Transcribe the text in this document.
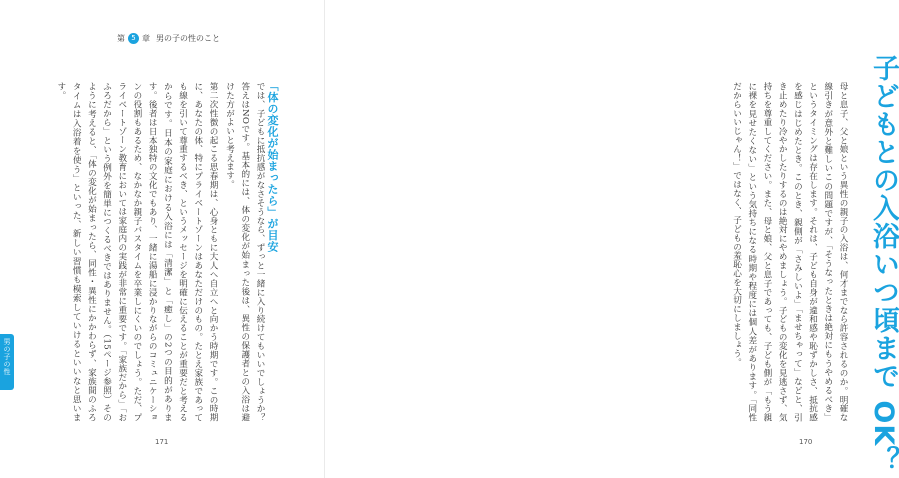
第 5 章 男の子の性のこと
では、子どもに抵抗感がなさそうなら、ずっと一緒に入り続けてもいいでしょうか？答えはNOです。基本的には、体の変化が始まった後は、異性の保護者との入浴は避けた方がよいと考えます。	「体の変化が始まったら」が目安
第二次性徴の起こる思春期は、心身ともに大人へ自立へと向かう時期です。この時期に、あなたの体、特にプライベートゾーンはあなただけのもの。たとえ家族であっても線を引いて尊重するべき、というメッセージを明確に伝えることが重要だと考えるからです。日本の家庭における入浴には「清潔」と「癒し」の2つの目的があります。後者は日本独特の文化でもあり、一緒に湯船に浸かりながらのコミュニケーションの役割もあるため、なかなか親子バスタイムを卒業しにくいのでしょう。ただ、プライベートゾーン教育においては家庭内の実践が非常に重要です。「家族だから」「おふろだから」という例外を簡単につくるべきではありません。（15ページ参照）そのように考えると、「体の変化が始まったら、同性・異性にかかわらず、家族間のふろタイムは入浴着を使う」といった、新しい習慣も模索していけるといいなと思います。
男の子の性
171	子どもとの入浴いつ頃まで OK？
母と息子、父と娘という異性の親子の入浴は、何才までなら許容されるのか。明確な線引きが意外と難しいこの問題ですが、「そうなったときは絶対にもうやめるべき」というタイミングは存在します。それは、子ども自身が違和感や恥ずかしさ、抵抗感を感じはじめたとき。このとき、親側が「さみしいよ」「ませちゃって」などと、引き止めたり冷やかしたりするのは絶対にやめましょう。子どもの変化を見逃さず、気持ちを尊重してください。また、母と娘、父と息子であっても、子ども側が「もう親に裸を見せたくない」という気持ちになる時期や程度には個人差があります。「同性だからいいじゃん！」ではなく、子どもの羞恥心を大切にしましょう。
170
